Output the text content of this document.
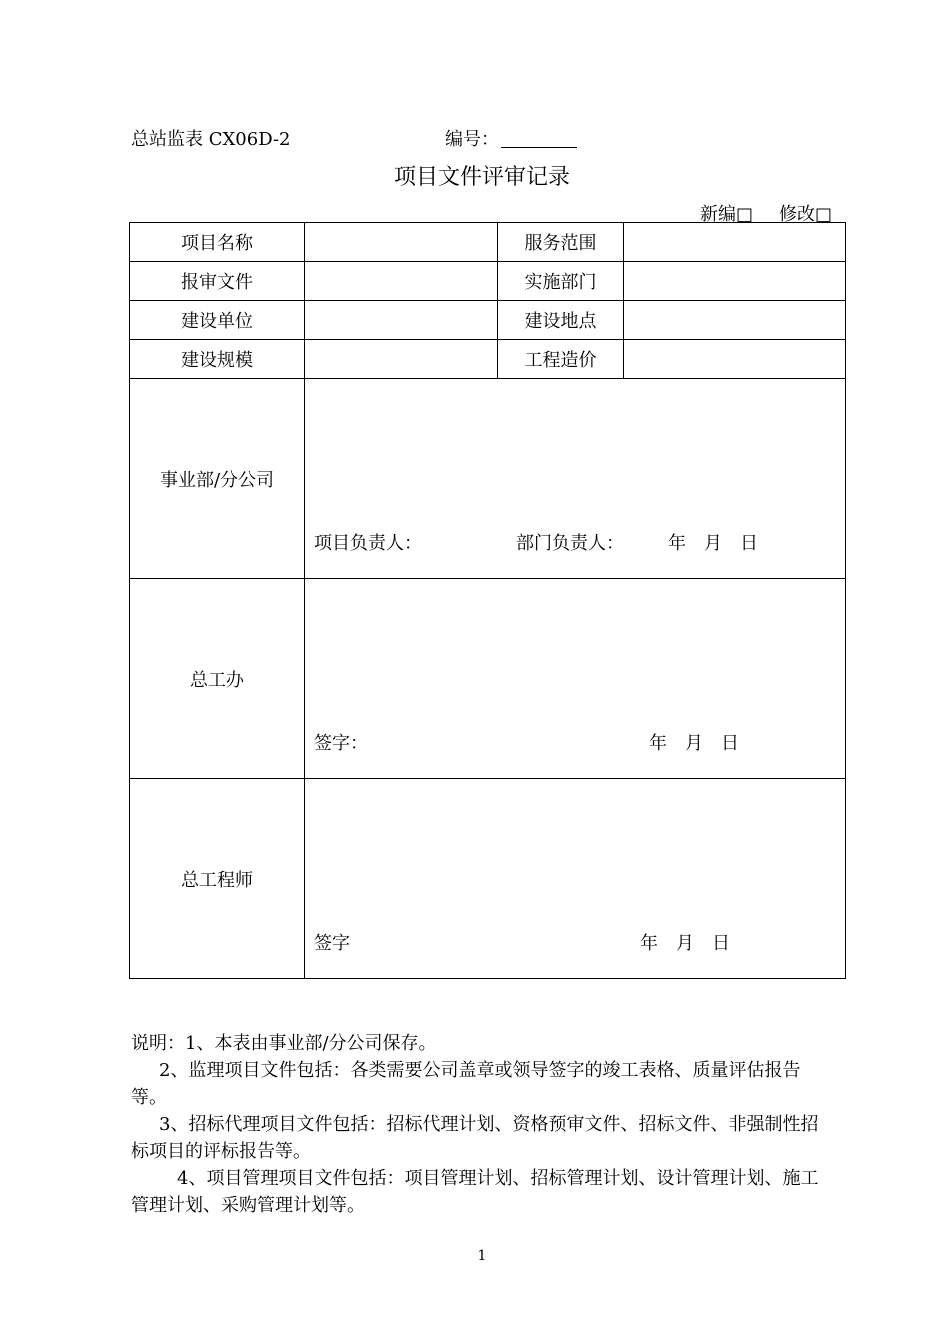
总站监表 CX06D-2	编号：
项目文件评审记录
新编□ 修改□
项目名称		服务范围	
报审文件		实施部门	
建设单位		建设地点	
建设规模		工程造价	
事业部/分公司	项目负责人： 部门负责人： 年　月　日		

总工办	签字： 年　月　日		

总工程师	签字 年　月　日		

说明：1、本表由事业部/分公司保存。

2、监理项目文件包括：各类需要公司盖章或领导签字的竣工表格、质量评估报告等。

3、招标代理项目文件包括：招标代理计划、资格预审文件、招标文件、非强制性招标项目的评标报告等。

4、项目管理项目文件包括：项目管理计划、招标管理计划、设计管理计划、施工管理计划、采购管理计划等。

1
